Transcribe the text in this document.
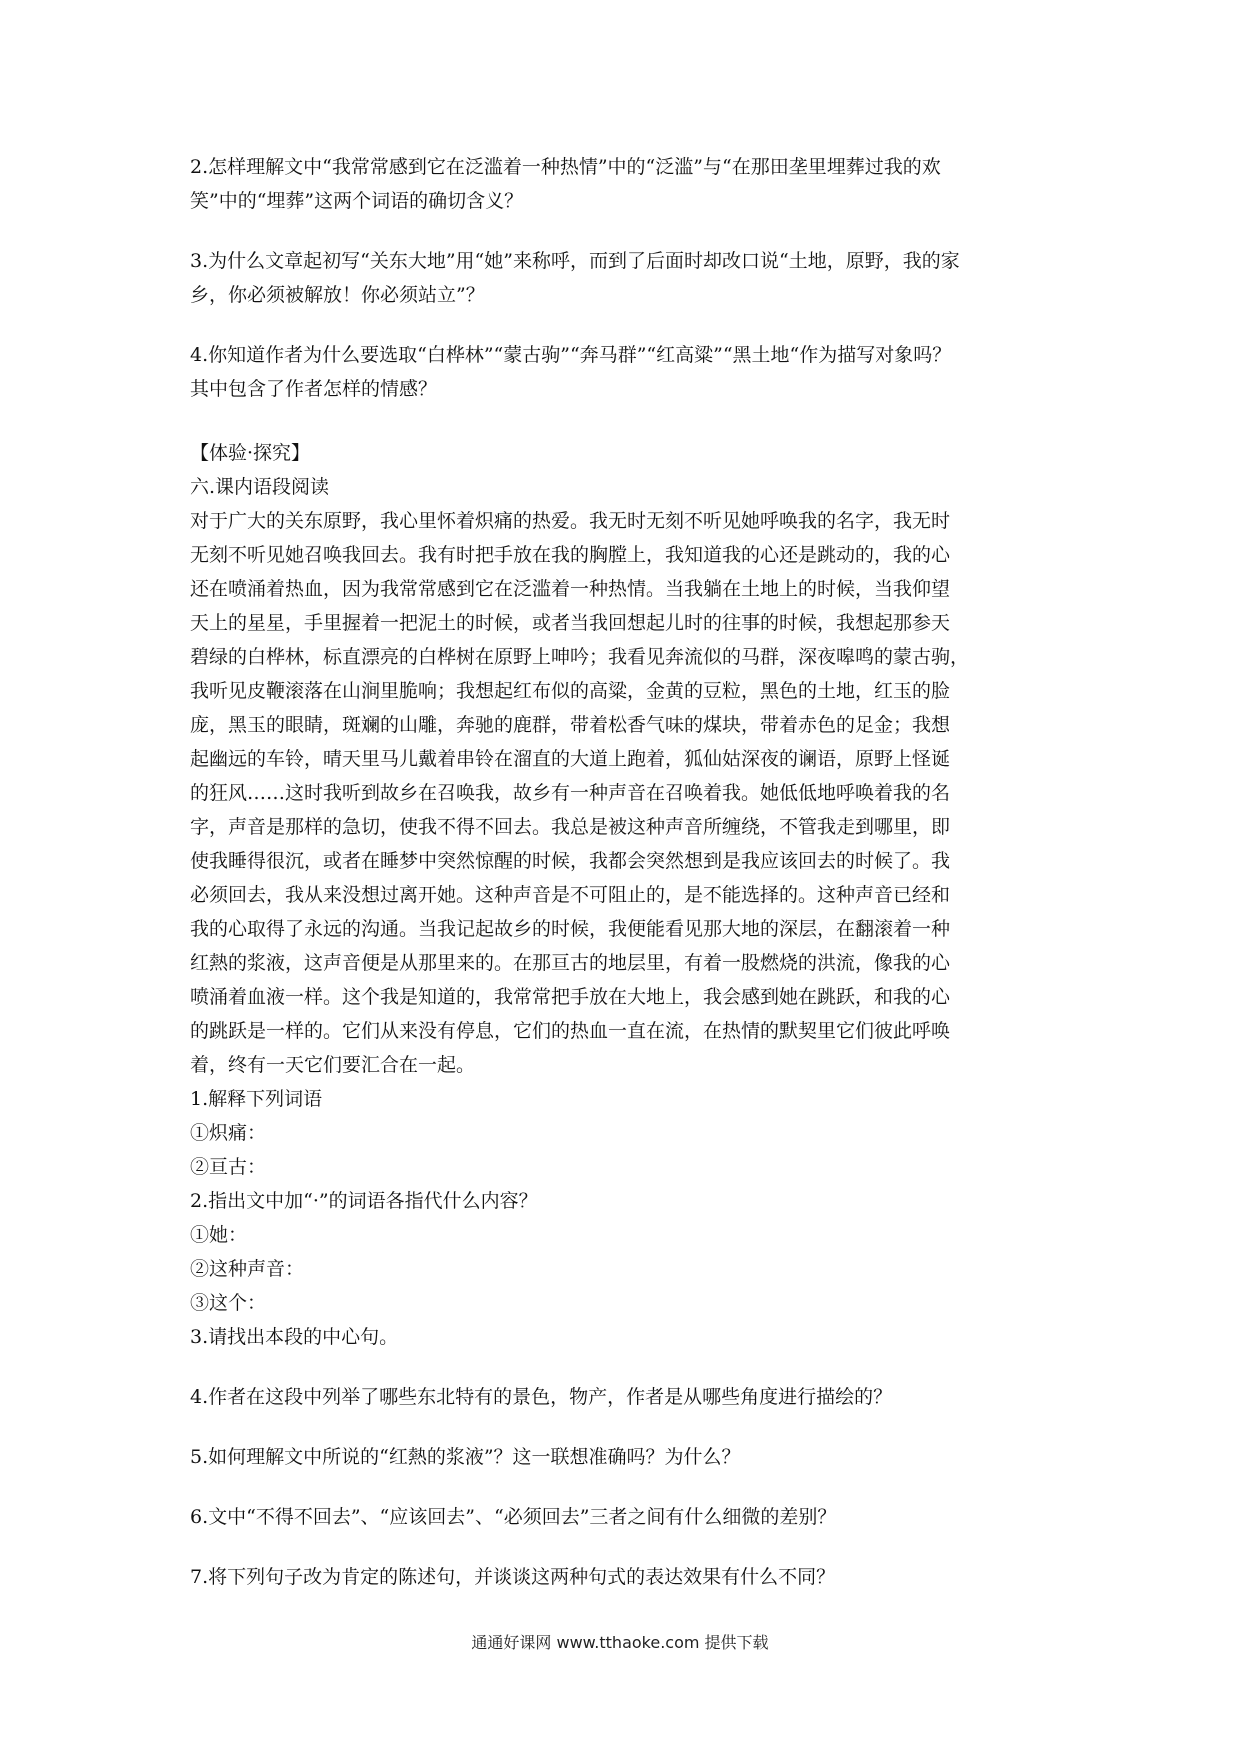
2.怎样理解文中“我常常感到它在泛滥着一种热情”中的“泛滥”与“在那田垄里埋葬过我的欢
笑”中的“埋葬”这两个词语的确切含义？
3.为什么文章起初写“关东大地”用“她”来称呼，而到了后面时却改口说“土地，原野，我的家
乡，你必须被解放！你必须站立”？
4.你知道作者为什么要选取“白桦林”“蒙古驹”“奔马群”“红高粱”“黑土地“作为描写对象吗？
其中包含了作者怎样的情感？
【体验·探究】
六.课内语段阅读
对于广大的关东原野，我心里怀着炽痛的热爱。我无时无刻不听见她呼唤我的名字，我无时
无刻不听见她召唤我回去。我有时把手放在我的胸膛上，我知道我的心还是跳动的，我的心
还在喷涌着热血，因为我常常感到它在泛滥着一种热情。当我躺在土地上的时候，当我仰望
天上的星星，手里握着一把泥土的时候，或者当我回想起儿时的往事的时候，我想起那参天
碧绿的白桦林，标直漂亮的白桦树在原野上呻吟；我看见奔流似的马群，深夜嗥鸣的蒙古驹，
我听见皮鞭滚落在山涧里脆响；我想起红布似的高粱，金黄的豆粒，黑色的土地，红玉的脸
庞，黑玉的眼睛，斑斓的山雕，奔驰的鹿群，带着松香气味的煤块，带着赤色的足金；我想
起幽远的车铃，晴天里马儿戴着串铃在溜直的大道上跑着，狐仙姑深夜的谰语，原野上怪诞
的狂风……这时我听到故乡在召唤我，故乡有一种声音在召唤着我。她低低地呼唤着我的名
字，声音是那样的急切，使我不得不回去。我总是被这种声音所缠绕，不管我走到哪里，即
使我睡得很沉，或者在睡梦中突然惊醒的时候，我都会突然想到是我应该回去的时候了。我
必须回去，我从来没想过离开她。这种声音是不可阻止的，是不能选择的。这种声音已经和
我的心取得了永远的沟通。当我记起故乡的时候，我便能看见那大地的深层，在翻滚着一种
红熱的浆液，这声音便是从那里来的。在那亘古的地层里，有着一股燃烧的洪流，像我的心
喷涌着血液一样。这个我是知道的，我常常把手放在大地上，我会感到她在跳跃，和我的心
的跳跃是一样的。它们从来没有停息，它们的热血一直在流，在热情的默契里它们彼此呼唤
着，终有一天它们要汇合在一起。
1.解释下列词语
①炽痛：
②亘古：
2.指出文中加“·”的词语各指代什么内容？
①她：
②这种声音：
③这个：
3.请找出本段的中心句。
4.作者在这段中列举了哪些东北特有的景色，物产，作者是从哪些角度进行描绘的？
5.如何理解文中所说的“红熱的浆液”？这一联想准确吗？为什么？
6.文中“不得不回去”、“应该回去”、“必须回去”三者之间有什么细微的差别？
7.将下列句子改为肯定的陈述句，并谈谈这两种句式的表达效果有什么不同？
通通好课网 www.tthaoke.com 提供下载
